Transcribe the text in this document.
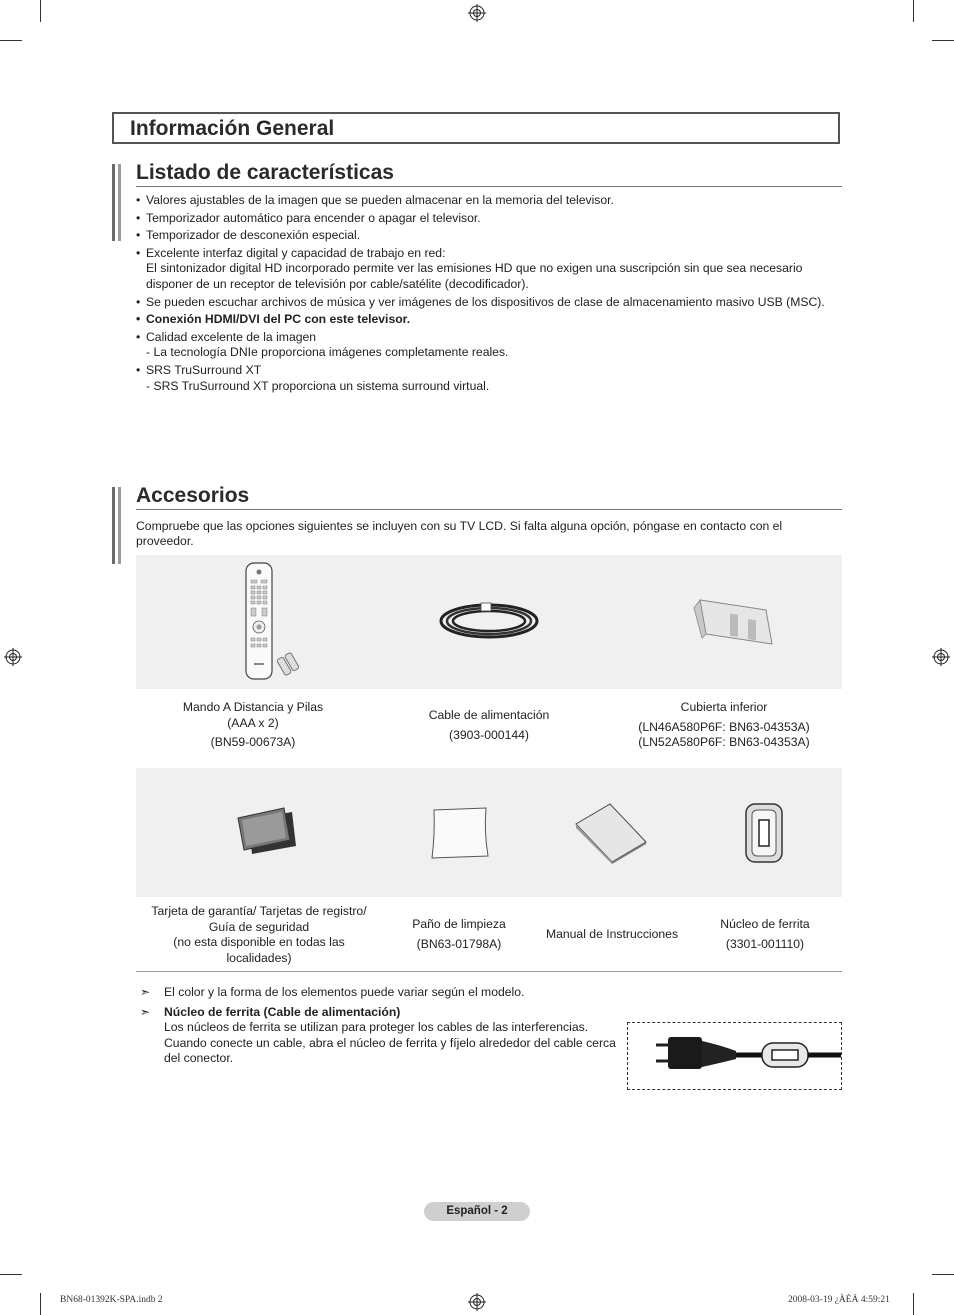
Información General
Listado de características
• Valores ajustables de la imagen que se pueden almacenar en la memoria del televisor.
• Temporizador automático para encender o apagar el televisor.
• Temporizador de desconexión especial.
• Excelente interfaz digital y capacidad de trabajo en red:
El sintonizador digital HD incorporado permite ver las emisiones HD que no exigen una suscripción sin que sea necesario disponer de un receptor de televisión por cable/satélite (decodificador).
• Se pueden escuchar archivos de música y ver imágenes de los dispositivos de clase de almacenamiento masivo USB (MSC).
• Conexión HDMI/DVI del PC con este televisor.
• Calidad excelente de la imagen
- La tecnología DNIe proporciona imágenes completamente reales.
• SRS TruSurround XT
- SRS TruSurround XT proporciona un sistema surround virtual.
Accesorios
Compruebe que las opciones siguientes se incluyen con su TV LCD. Si falta alguna opción, póngase en contacto con el proveedor.
Mando A Distancia y Pilas
(AAA x 2)
(BN59-00673A)
Cable de alimentación
(3903-000144)
Cubierta inferior
(LN46A580P6F: BN63-04353A)
(LN52A580P6F: BN63-04353A)
Tarjeta de garantía/ Tarjetas de registro/
Guía de seguridad
(no esta disponible en todas las
localidades)
Paño de limpieza
(BN63-01798A)
Manual de Instrucciones
Núcleo de ferrita
(3301-001110)
➣ El color y la forma de los elementos puede variar según el modelo.
➣ Núcleo de ferrita (Cable de alimentación)
Los núcleos de ferrita se utilizan para proteger los cables de las interferencias. Cuando conecte un cable, abra el núcleo de ferrita y fíjelo alrededor del cable cerca del conector.
Español - 2
BN68-01392K-SPA.indb 2	2008-03-19 ¿ÀÈÄ 4:59:21
